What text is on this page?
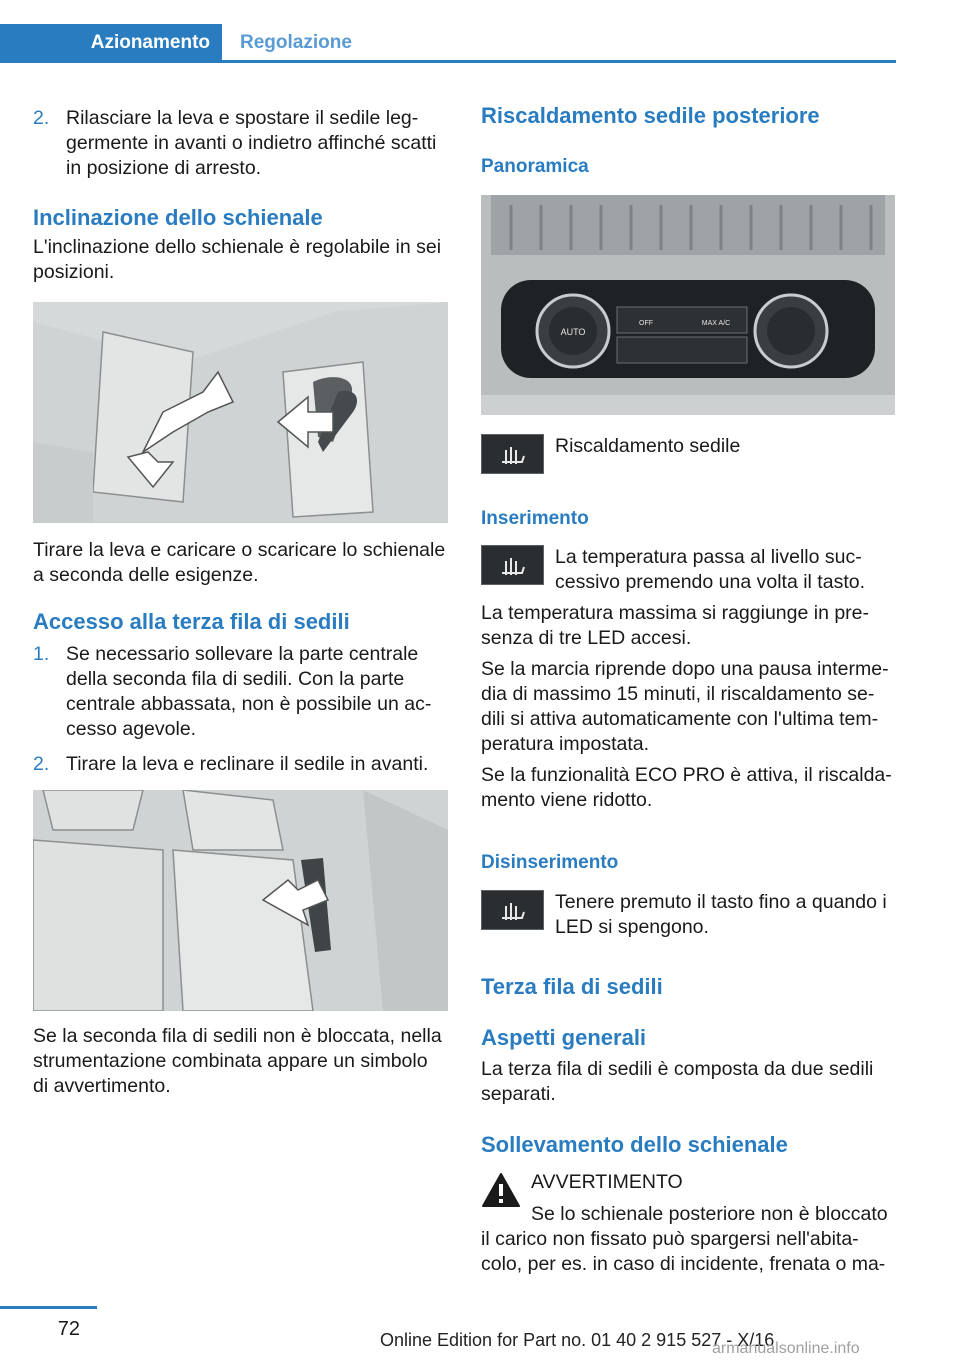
Azionamento	Regolazione
2. Rilasciare la leva e spostare il sedile leg‐
germente in avanti o indietro affinché scatti
in posizione di arresto.
Inclinazione dello schienale
L'inclinazione dello schienale è regolabile in sei
posizioni.
Tirare la leva e caricare o scaricare lo schienale
a seconda delle esigenze.
Accesso alla terza fila di sedili
1. Se necessario sollevare la parte centrale
della seconda fila di sedili. Con la parte
centrale abbassata, non è possibile un ac‐
cesso agevole.
2. Tirare la leva e reclinare il sedile in avanti.
Se la seconda fila di sedili non è bloccata, nella
strumentazione combinata appare un simbolo
di avvertimento.
Riscaldamento sedile posteriore
Panoramica
AUTO
OFF	MAX A/C
Riscaldamento sedile
Inserimento
La temperatura passa al livello suc‐
cessivo premendo una volta il tasto.
La temperatura massima si raggiunge in pre‐
senza di tre LED accesi.
Se la marcia riprende dopo una pausa interme‐
dia di massimo 15 minuti, il riscaldamento se‐
dili si attiva automaticamente con l'ultima tem‐
peratura impostata.
Se la funzionalità ECO PRO è attiva, il riscalda‐
mento viene ridotto.
Disinserimento
Tenere premuto il tasto fino a quando i
LED si spengono.
Terza fila di sedili
Aspetti generali
La terza fila di sedili è composta da due sedili
separati.
Sollevamento dello schienale
AVVERTIMENTO
Se lo schienale posteriore non è bloccato
il carico non fissato può spargersi nell'abita‐
colo, per es. in caso di incidente, frenata o ma‐
72	Online Edition for Part no. 01 40 2 915 527 - X/16
armanualsonline.info
